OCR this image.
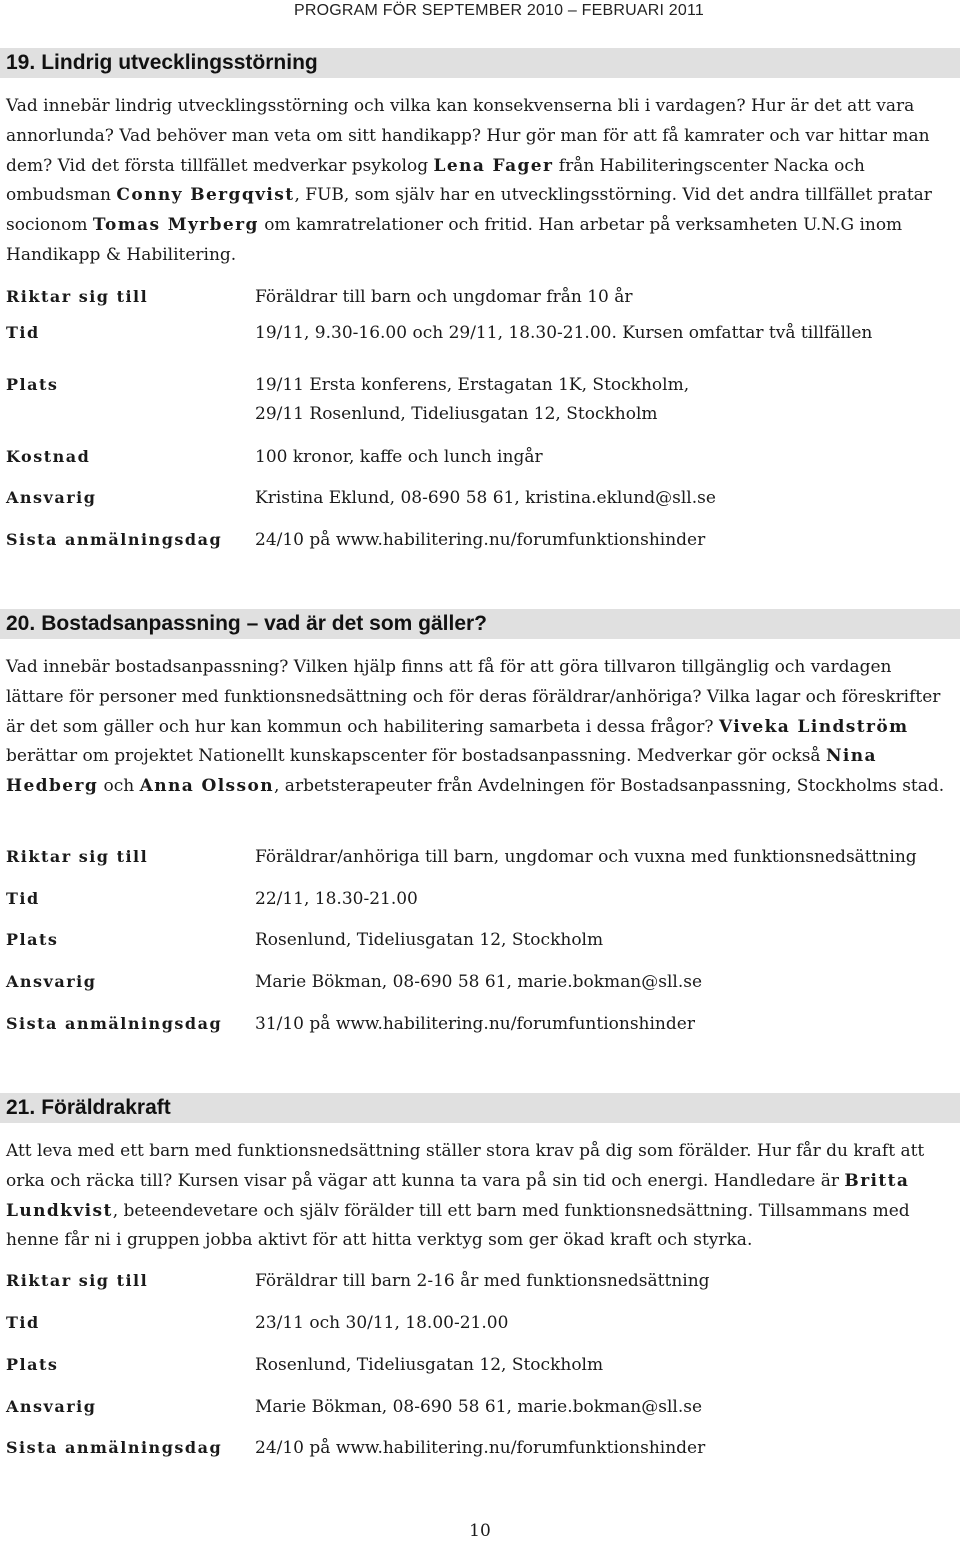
PROGRAM FÖR SEPTEMBER 2010 – FEBRUARI 2011
19. Lindrig utvecklingsstörning
Vad innebär lindrig utvecklingsstörning och vilka kan konsekvenserna bli i vardagen? Hur är det att vara annorlunda? Vad behöver man veta om sitt handikapp? Hur gör man för att få kamrater och var hittar man dem? Vid det första tillfället medverkar psykolog Lena Fager från Habiliteringscenter Nacka och ombudsman Conny Bergqvist, FUB, som själv har en utvecklingsstörning. Vid det andra tillfället pratar socionom Tomas Myrberg om kamratrelationer och fritid. Han arbetar på verksamheten U.N.G inom Handikapp & Habilitering.
Riktar sig till	Föräldrar till barn och ungdomar från 10 år
Tid	19/11, 9.30-16.00 och 29/11, 18.30-21.00. Kursen omfattar två tillfällen
Plats	19/11 Ersta konferens, Erstagatan 1K, Stockholm,
29/11 Rosenlund, Tideliusgatan 12, Stockholm
Kostnad	100 kronor, kaffe och lunch ingår
Ansvarig	Kristina Eklund, 08-690 58 61, kristina.eklund@sll.se
Sista anmälningsdag 24/10 på www.habilitering.nu/forumfunktionshinder
20. Bostadsanpassning – vad är det som gäller?
Vad innebär bostadsanpassning? Vilken hjälp finns att få för att göra tillvaron tillgänglig och vardagen lättare för personer med funktionsnedsättning och för deras föräldrar/anhöriga? Vilka lagar och föreskrifter är det som gäller och hur kan kommun och habilitering samarbeta i dessa frågor? Viveka Lindström berättar om projektet Nationellt kunskapscenter för bostadsanpassning. Medverkar gör också Nina Hedberg och Anna Olsson, arbetsterapeuter från Avdelningen för Bostadsanpassning, Stockholms stad.
Riktar sig till	Föräldrar/anhöriga till barn, ungdomar och vuxna med funktionsnedsättning
Tid	22/11, 18.30-21.00
Plats	Rosenlund, Tideliusgatan 12, Stockholm
Ansvarig	Marie Bökman, 08-690 58 61, marie.bokman@sll.se
Sista anmälningsdag 31/10 på www.habilitering.nu/forumfuntionshinder
21. Föräldrakraft
Att leva med ett barn med funktionsnedsättning ställer stora krav på dig som förälder. Hur får du kraft att orka och räcka till? Kursen visar på vägar att kunna ta vara på sin tid och energi. Handledare är Britta Lundkvist, beteendevetare och själv förälder till ett barn med funktionsnedsättning. Tillsammans med henne får ni i gruppen jobba aktivt för att hitta verktyg som ger ökad kraft och styrka.
Riktar sig till	Föräldrar till barn 2-16 år med funktionsnedsättning
Tid	23/11 och 30/11, 18.00-21.00
Plats	Rosenlund, Tideliusgatan 12, Stockholm
Ansvarig	Marie Bökman, 08-690 58 61, marie.bokman@sll.se
Sista anmälningsdag 24/10 på www.habilitering.nu/forumfunktionshinder
10
